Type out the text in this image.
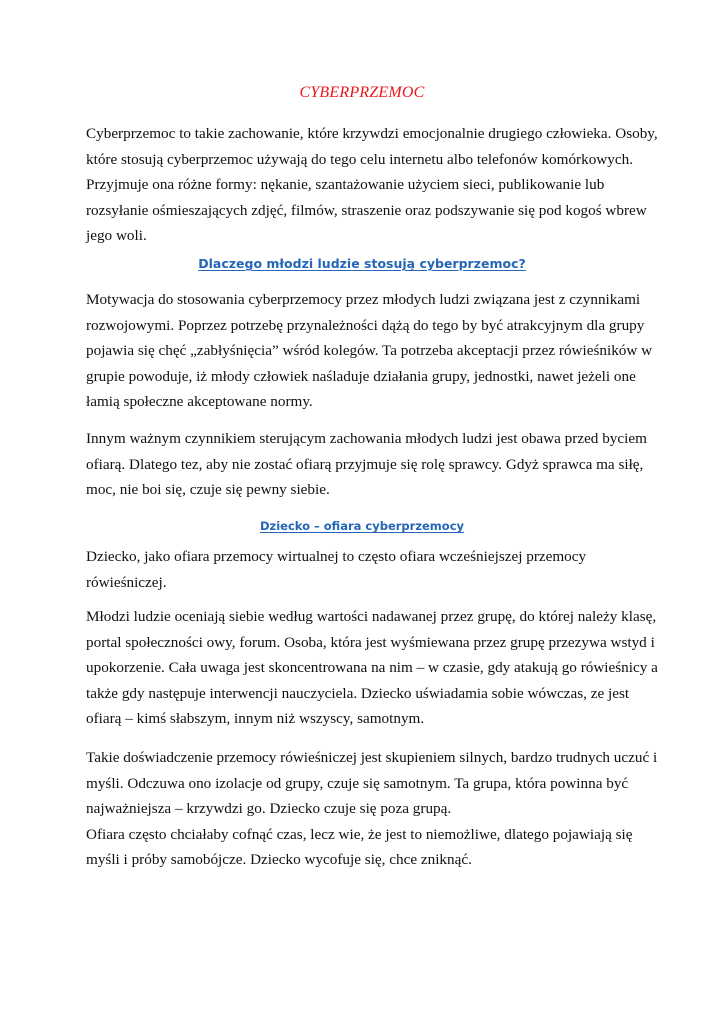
CYBERPRZEMOC
Cyberprzemoc to takie zachowanie, które krzywdzi emocjonalnie drugiego człowieka. Osoby,
które stosują cyberprzemoc używają do tego celu internetu albo telefonów komórkowych.
Przyjmuje ona różne formy: nękanie, szantażowanie użyciem sieci, publikowanie lub
rozsyłanie ośmieszających zdjęć, filmów, straszenie oraz podszywanie się pod kogoś wbrew
jego woli.
Dlaczego młodzi ludzie stosują cyberprzemoc?
Motywacja do stosowania cyberprzemocy przez młodych ludzi związana jest z czynnikami
rozwojowymi. Poprzez potrzebę przynależności dążą do tego by być atrakcyjnym dla grupy
pojawia się chęć „zabłyśnięcia” wśród kolegów. Ta potrzeba akceptacji przez rówieśników w
grupie powoduje, iż młody człowiek naśladuje działania grupy, jednostki, nawet jeżeli one
łamią społeczne akceptowane normy.
Innym ważnym czynnikiem sterującym zachowania młodych ludzi jest obawa przed byciem
ofiarą. Dlatego tez, aby nie zostać ofiarą przyjmuje się rolę sprawcy. Gdyż sprawca ma siłę,
moc, nie boi się, czuje się pewny siebie.
Dziecko – ofiara cyberprzemocy
Dziecko, jako ofiara przemocy wirtualnej to często ofiara wcześniejszej przemocy
rówieśniczej.
Młodzi ludzie oceniają siebie według wartości nadawanej przez grupę, do której należy klasę,
portal społeczności owy, forum. Osoba, która jest wyśmiewana przez grupę przezywa wstyd i
upokorzenie. Cała uwaga jest skoncentrowana na nim – w czasie, gdy atakują go rówieśnicy a
także gdy następuje interwencji nauczyciela. Dziecko uświadamia sobie wówczas, ze jest
ofiarą – kimś słabszym, innym niż wszyscy, samotnym.
Takie doświadczenie przemocy rówieśniczej jest skupieniem silnych, bardzo trudnych uczuć i
myśli. Odczuwa ono izolacje od grupy, czuje się samotnym. Ta grupa, która powinna być
najważniejsza – krzywdzi go. Dziecko czuje się poza grupą.
Ofiara często chciałaby cofnąć czas, lecz wie, że jest to niemożliwe, dlatego pojawiają się
myśli i próby samobójcze. Dziecko wycofuje się, chce zniknąć.
